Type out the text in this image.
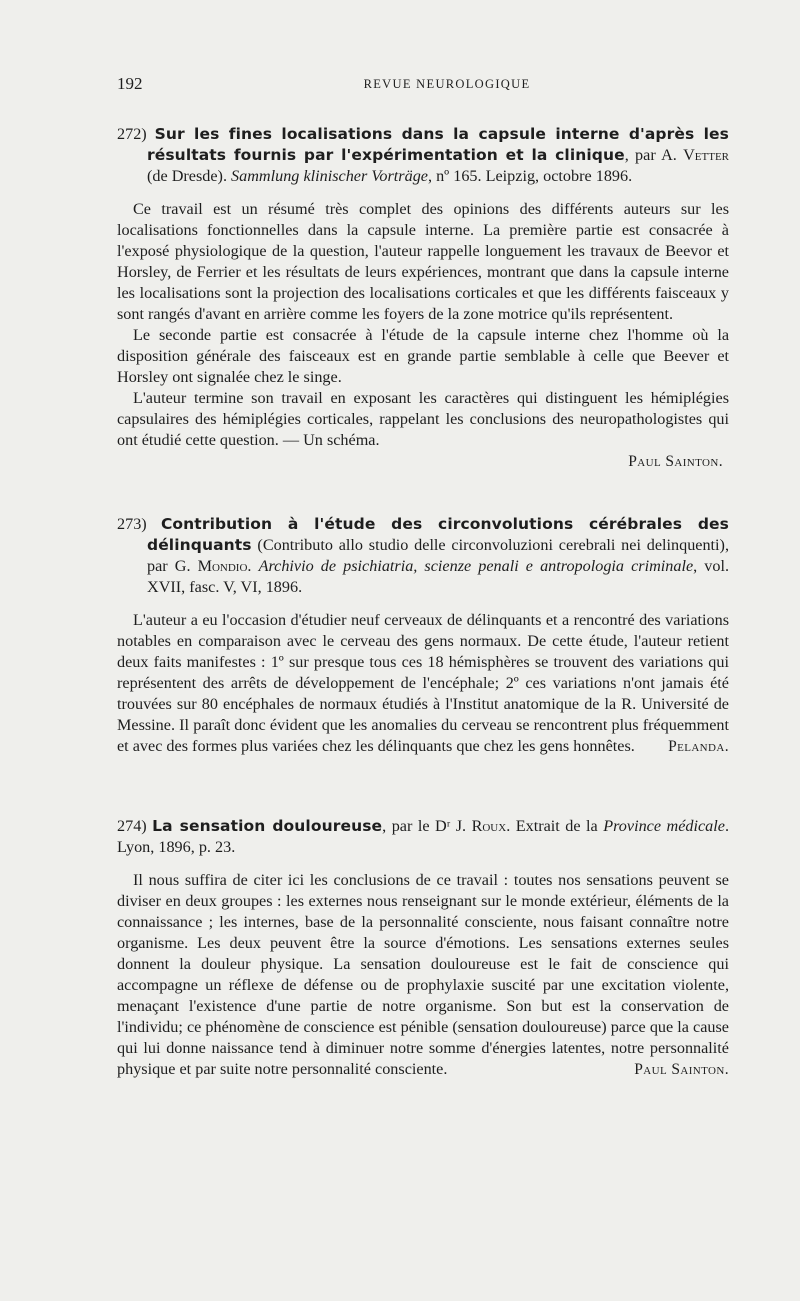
192	REVUE NEUROLOGIQUE
272) Sur les fines localisations dans la capsule interne d'après les résultats fournis par l'expérimentation et la clinique, par A. Vetter (de Dresde). Sammlung klinischer Vorträge, nº 165. Leipzig, octobre 1896.

Ce travail est un résumé très complet des opinions des différents auteurs sur les localisations fonctionnelles dans la capsule interne. La première partie est consacrée à l'exposé physiologique de la question, l'auteur rappelle longuement les travaux de Beevor et Horsley, de Ferrier et les résultats de leurs expériences, montrant que dans la capsule interne les localisations sont la projection des localisations corticales et que les différents faisceaux y sont rangés d'avant en arrière comme les foyers de la zone motrice qu'ils représentent.

Le seconde partie est consacrée à l'étude de la capsule interne chez l'homme où la disposition générale des faisceaux est en grande partie semblable à celle que Beever et Horsley ont signalée chez le singe.

L'auteur termine son travail en exposant les caractères qui distinguent les hémiplégies capsulaires des hémiplégies corticales, rappelant les conclusions des neuropathologistes qui ont étudié cette question. — Un schéma.

Paul Sainton.
273) Contribution à l'étude des circonvolutions cérébrales des délinquants (Contributo allo studio delle circonvoluzioni cerebrali nei delinquenti), par G. Mondio. Archivio de psichiatria, scienze penali e antropologia criminale, vol. XVII, fasc. V, VI, 1896.

L'auteur a eu l'occasion d'étudier neuf cerveaux de délinquants et a rencontré des variations notables en comparaison avec le cerveau des gens normaux. De cette étude, l'auteur retient deux faits manifestes : 1º sur presque tous ces 18 hémisphères se trouvent des variations qui représentent des arrêts de développement de l'encéphale; 2º ces variations n'ont jamais été trouvées sur 80 encéphales de normaux étudiés à l'Institut anatomique de la R. Université de Messine. Il paraît donc évident que les anomalies du cerveau se rencontrent plus fréquemment et avec des formes plus variées chez les délinquants que chez les gens honnêtes.	Pelanda.

274) La sensation douloureuse, par le Dʳ J. Roux. Extrait de la Province médicale. Lyon, 1896, p. 23.

Il nous suffira de citer ici les conclusions de ce travail : toutes nos sensations peuvent se diviser en deux groupes : les externes nous renseignant sur le monde extérieur, éléments de la connaissance ; les internes, base de la personnalité consciente, nous faisant connaître notre organisme. Les deux peuvent être la source d'émotions. Les sensations externes seules donnent la douleur physique. La sensation douloureuse est le fait de conscience qui accompagne un réflexe de défense ou de prophylaxie suscité par une excitation violente, menaçant l'existence d'une partie de notre organisme. Son but est la conservation de l'individu; ce phénomène de conscience est pénible (sensation douloureuse) parce que la cause qui lui donne naissance tend à diminuer notre somme d'énergies latentes, notre personnalité physique et par suite notre personnalité consciente.	Paul Sainton.
